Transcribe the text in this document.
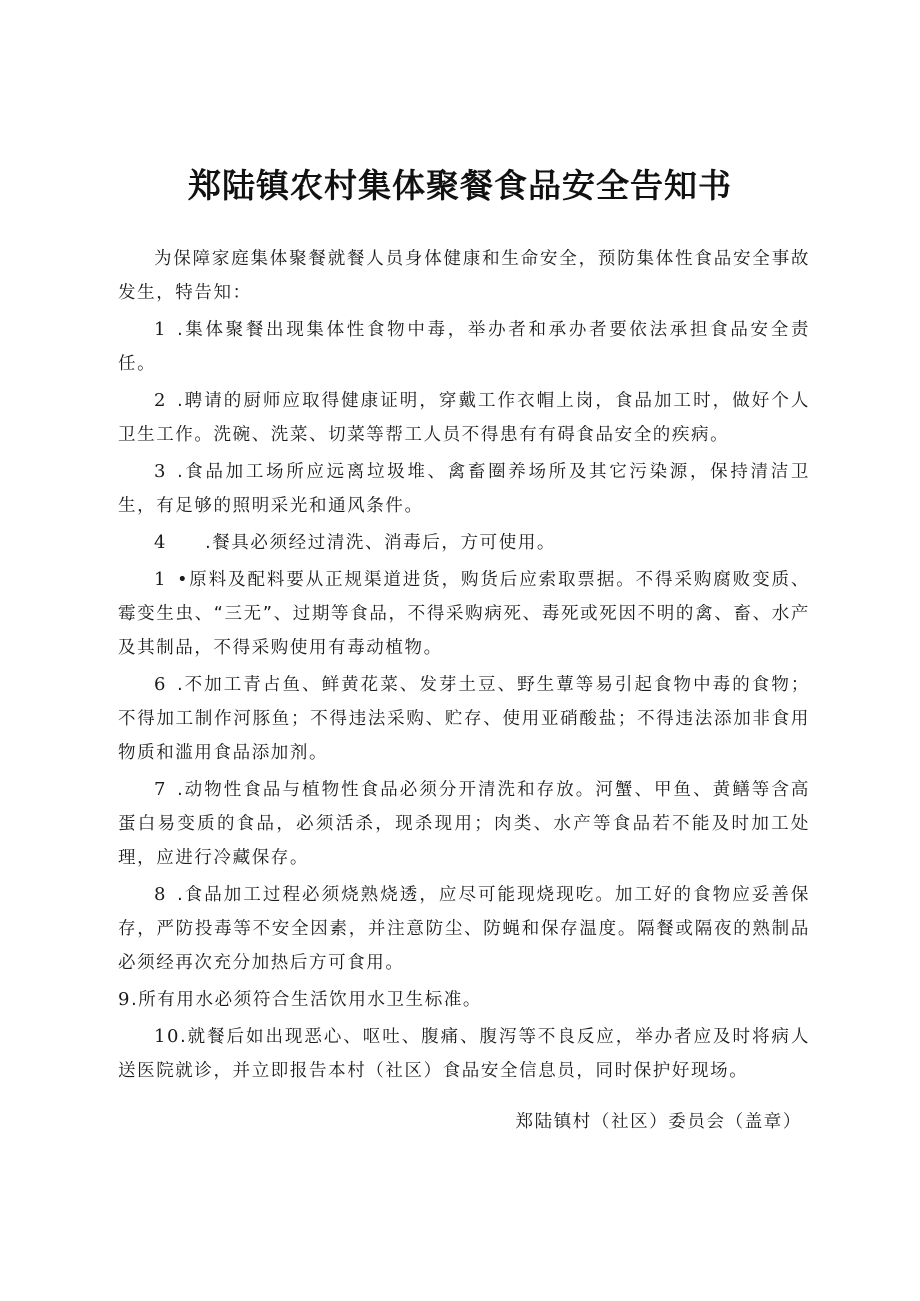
郑陆镇农村集体聚餐食品安全告知书

为保障家庭集体聚餐就餐人员身体健康和生命安全，预防集体性食品安全事故发生，特告知：

1 .集体聚餐出现集体性食物中毒，举办者和承办者要依法承担食品安全责任。

2 .聘请的厨师应取得健康证明，穿戴工作衣帽上岗，食品加工时，做好个人卫生工作。洗碗、洗菜、切菜等帮工人员不得患有有碍食品安全的疾病。

3 .食品加工场所应远离垃圾堆、禽畜圈养场所及其它污染源，保持清洁卫生，有足够的照明采光和通风条件。

4 .餐具必须经过清洗、消毒后，方可使用。

1 •原料及配料要从正规渠道进货，购货后应索取票据。不得采购腐败变质、霉变生虫、“三无”、过期等食品，不得采购病死、毒死或死因不明的禽、畜、水产及其制品，不得采购使用有毒动植物。

6 .不加工青占鱼、鲜黄花菜、发芽土豆、野生蕈等易引起食物中毒的食物；不得加工制作河豚鱼；不得违法采购、贮存、使用亚硝酸盐；不得违法添加非食用物质和滥用食品添加剂。

7 .动物性食品与植物性食品必须分开清洗和存放。河蟹、甲鱼、黄鳝等含高蛋白易变质的食品，必须活杀，现杀现用；肉类、水产等食品若不能及时加工处理，应进行冷藏保存。

8 .食品加工过程必须烧熟烧透，应尽可能现烧现吃。加工好的食物应妥善保存，严防投毒等不安全因素，并注意防尘、防蝇和保存温度。隔餐或隔夜的熟制品必须经再次充分加热后方可食用。

9.所有用水必须符合生活饮用水卫生标准。

10.就餐后如出现恶心、呕吐、腹痛、腹泻等不良反应，举办者应及时将病人送医院就诊，并立即报告本村（社区）食品安全信息员，同时保护好现场。

郑陆镇村（社区）委员会（盖章）
